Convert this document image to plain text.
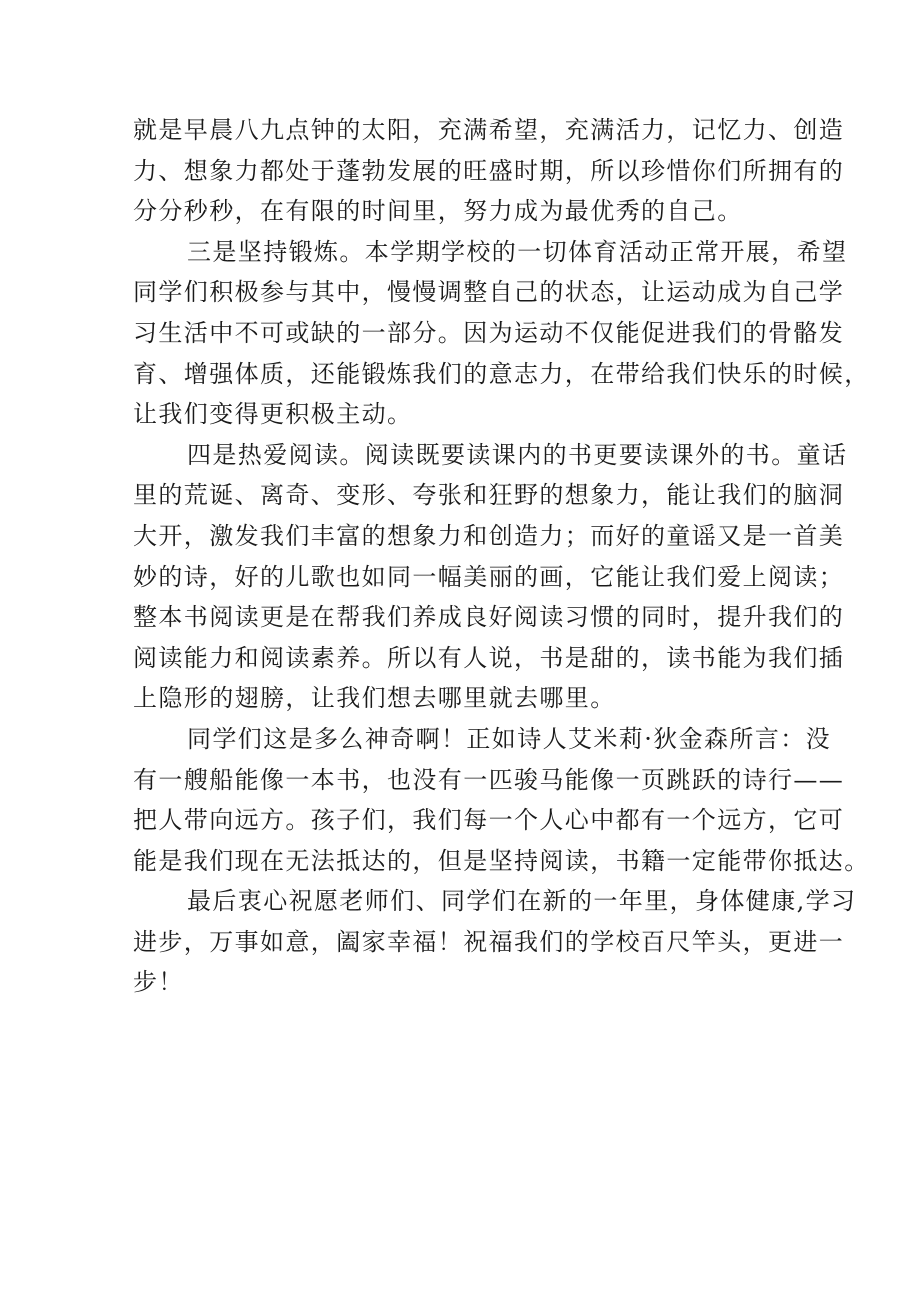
就是早晨八九点钟的太阳，充满希望，充满活力，记忆力、创造
力、想象力都处于蓬勃发展的旺盛时期，所以珍惜你们所拥有的
分分秒秒，在有限的时间里，努力成为最优秀的自己。
三是坚持锻炼。本学期学校的一切体育活动正常开展，希望
同学们积极参与其中，慢慢调整自己的状态，让运动成为自己学
习生活中不可或缺的一部分。因为运动不仅能促进我们的骨骼发
育、增强体质，还能锻炼我们的意志力，在带给我们快乐的时候，
让我们变得更积极主动。
四是热爱阅读。阅读既要读课内的书更要读课外的书。童话
里的荒诞、离奇、变形、夸张和狂野的想象力，能让我们的脑洞
大开，激发我们丰富的想象力和创造力；而好的童谣又是一首美
妙的诗，好的儿歌也如同一幅美丽的画，它能让我们爱上阅读；
整本书阅读更是在帮我们养成良好阅读习惯的同时，提升我们的
阅读能力和阅读素养。所以有人说，书是甜的，读书能为我们插
上隐形的翅膀，让我们想去哪里就去哪里。
同学们这是多么神奇啊！正如诗人艾米莉·狄金森所言：没
有一艘船能像一本书，也没有一匹骏马能像一页跳跃的诗行——
把人带向远方。孩子们，我们每一个人心中都有一个远方，它可
能是我们现在无法抵达的，但是坚持阅读，书籍一定能带你抵达。
最后衷心祝愿老师们、同学们在新的一年里，身体健康,学习
进步，万事如意，阖家幸福！祝福我们的学校百尺竿头，更进一
步！
